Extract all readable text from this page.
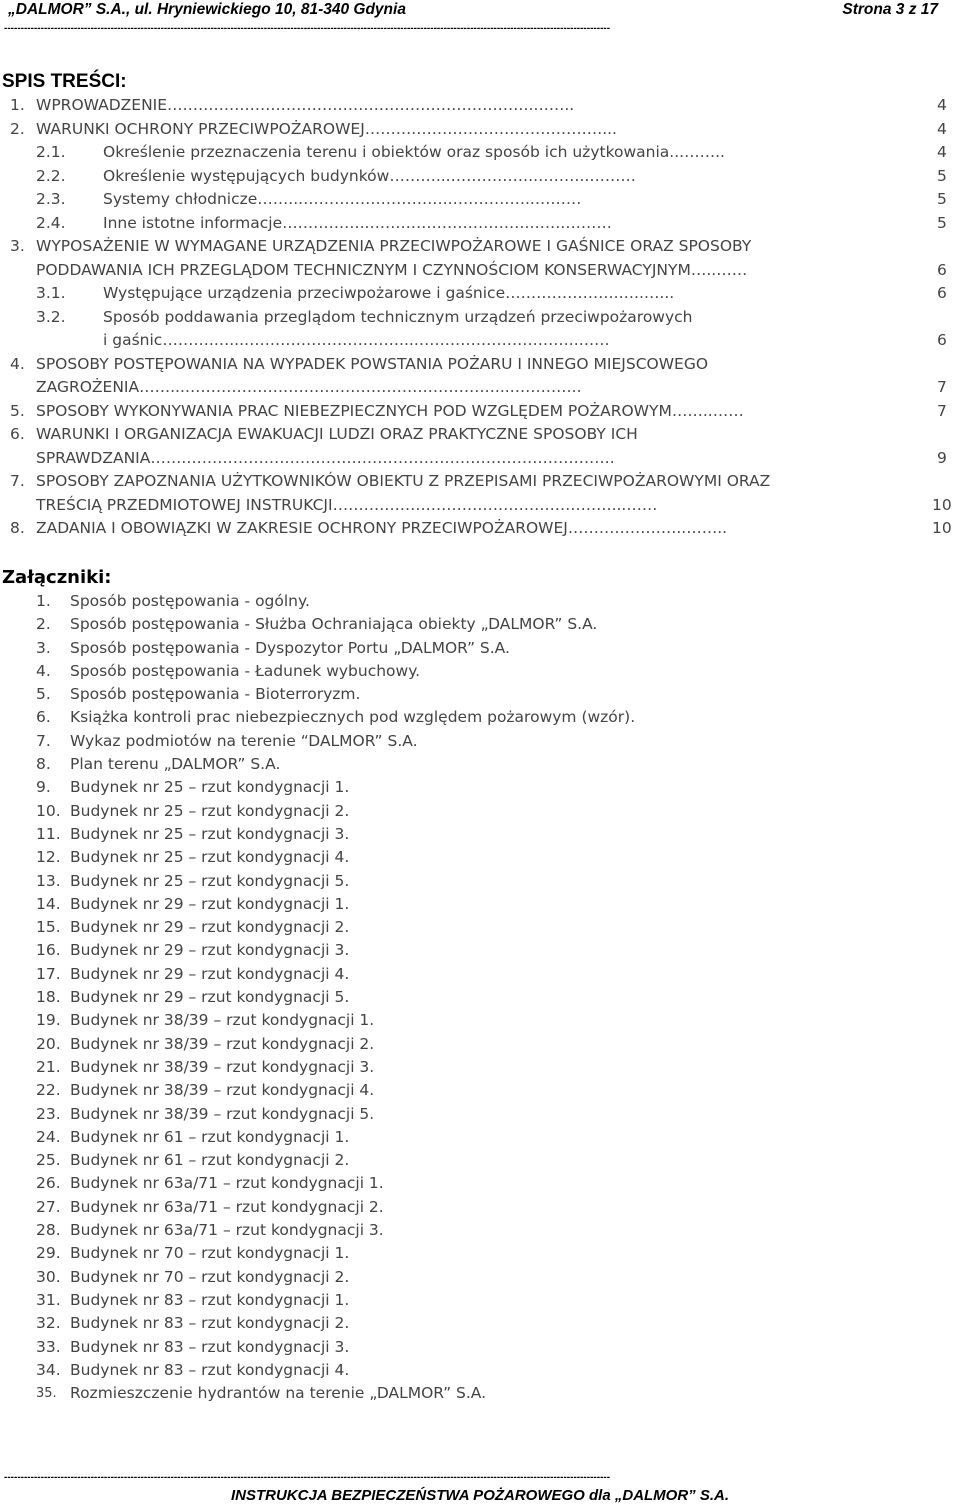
„DALMOR” S.A., ul. Hryniewickiego 10, 81-340 Gdynia	Strona 3 z 17
--------------------------------------------------------------------------------------------------------------------------------------------------------------------------------------
SPIS TREŚCI:
1. WPROWADZENIE……………………………………………………………..……..	4
2. WARUNKI OCHRONY PRZECIWPOŻAROWEJ……….………………………………...	4
2.1. Określenie przeznaczenia terenu i obiektów oraz sposób ich użytkowania...……..	4
2.2. Określenie występujących budynków………...…………….………..………	5
2.3. Systemy chłodnicze……...……………………….……………..………	5
2.4. Inne istotne informacje……………..………………………….…….………	5
3. WYPOSAŻENIE W WYMAGANE URZĄDZENIA PRZECIWPOŻAROWE I GAŚNICE ORAZ SPOSOBY
PODDAWANIA ICH PRZEGLĄDOM TECHNICZNYM I CZYNNOŚCIOM KONSERWACYJNYM…..……	6
3.1. Występujące urządzenia przeciwpożarowe i gaśnice………………….…..…...	6
3.2. Sposób poddawania przeglądom technicznym urządzeń przeciwpożarowych
i gaśnic……….…...…………………………...…………………………..……	6
4. SPOSOBY POSTĘPOWANIA NA WYPADEK POWSTANIA POŻARU I INNEGO MIEJSCOWEGO
ZAGROŻENIA……...……………………………………………………...…………..	7
5. SPOSOBY WYKONYWANIA PRAC NIEBEZPIECZNYCH POD WZGLĘDEM POŻAROWYM……..……	7
6. WARUNKI I ORGANIZACJA EWAKUACJI LUDZI ORAZ PRAKTYCZNE SPOSOBY ICH
SPRAWDZANIA…….…………………………….………………………………………….	9
7. SPOSOBY ZAPOZNANIA UŻYTKOWNIKÓW OBIEKTU Z PRZEPISAMI PRZECIWPOŻAROWYMI ORAZ
TREŚCIĄ PRZEDMIOTOWEJ INSTRUKCJI………………………………………………...……	10
8. ZADANIA I OBOWIĄZKI W ZAKRESIE OCHRONY PRZECIWPOŻAROWEJ…………………..……..	10
Załączniki:
1. Sposób postępowania - ogólny.
2. Sposób postępowania - Służba Ochraniająca obiekty „DALMOR” S.A.
3. Sposób postępowania - Dyspozytor Portu „DALMOR” S.A.
4. Sposób postępowania - Ładunek wybuchowy.
5. Sposób postępowania - Bioterroryzm.
6. Książka kontroli prac niebezpiecznych pod względem pożarowym (wzór).
7. Wykaz podmiotów na terenie “DALMOR” S.A.
8. Plan terenu „DALMOR” S.A.
9. Budynek nr 25 – rzut kondygnacji 1.
10. Budynek nr 25 – rzut kondygnacji 2.
11. Budynek nr 25 – rzut kondygnacji 3.
12. Budynek nr 25 – rzut kondygnacji 4.
13. Budynek nr 25 – rzut kondygnacji 5.
14. Budynek nr 29 – rzut kondygnacji 1.
15. Budynek nr 29 – rzut kondygnacji 2.
16. Budynek nr 29 – rzut kondygnacji 3.
17. Budynek nr 29 – rzut kondygnacji 4.
18. Budynek nr 29 – rzut kondygnacji 5.
19. Budynek nr 38/39 – rzut kondygnacji 1.
20. Budynek nr 38/39 – rzut kondygnacji 2.
21. Budynek nr 38/39 – rzut kondygnacji 3.
22. Budynek nr 38/39 – rzut kondygnacji 4.
23. Budynek nr 38/39 – rzut kondygnacji 5.
24. Budynek nr 61 – rzut kondygnacji 1.
25. Budynek nr 61 – rzut kondygnacji 2.
26. Budynek nr 63a/71 – rzut kondygnacji 1.
27. Budynek nr 63a/71 – rzut kondygnacji 2.
28. Budynek nr 63a/71 – rzut kondygnacji 3.
29. Budynek nr 70 – rzut kondygnacji 1.
30. Budynek nr 70 – rzut kondygnacji 2.
31. Budynek nr 83 – rzut kondygnacji 1.
32. Budynek nr 83 – rzut kondygnacji 2.
33. Budynek nr 83 – rzut kondygnacji 3.
34. Budynek nr 83 – rzut kondygnacji 4.
35. Rozmieszczenie hydrantów na terenie „DALMOR” S.A.
--------------------------------------------------------------------------------------------------------------------------------------------------------------------------------------
INSTRUKCJA BEZPIECZEŃSTWA POŻAROWEGO dla „DALMOR” S.A.
